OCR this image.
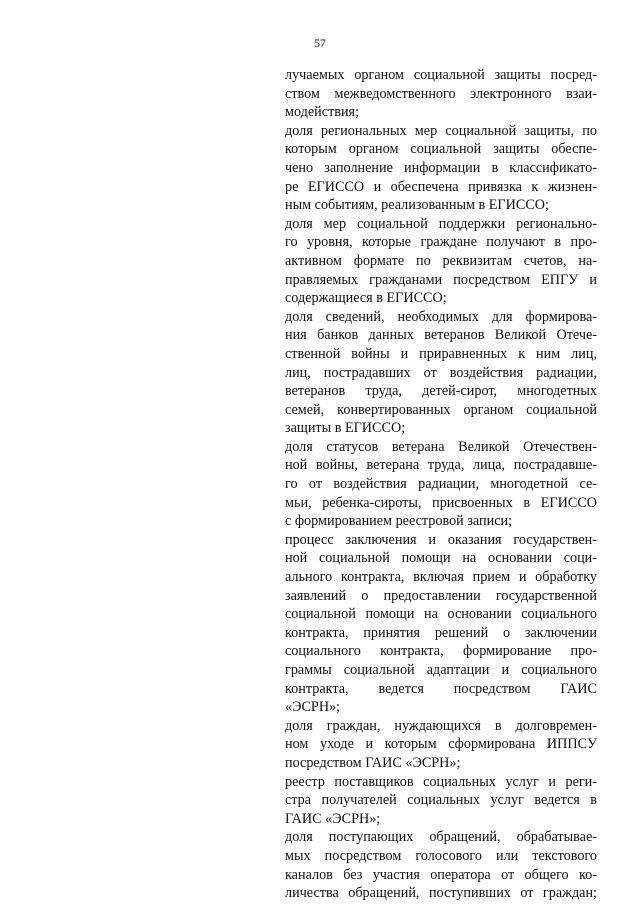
57
лучаемых органом социальной защиты посред-
ством межведомственного электронного взаи-
модействия;
доля региональных мер социальной защиты, по
которым органом социальной защиты обеспе-
чено заполнение информации в классификато-
ре ЕГИССО и обеспечена привязка к жизнен-
ным событиям, реализованным в ЕГИССО;
доля мер социальной поддержки регионально-
го уровня, которые граждане получают в про-
активном формате по реквизитам счетов, на-
правляемых гражданами посредством ЕПГУ и
содержащиеся в ЕГИССО;
доля сведений, необходимых для формирова-
ния банков данных ветеранов Великой Отече-
ственной войны и приравненных к ним лиц,
лиц, пострадавших от воздействия радиации,
ветеранов труда, детей-сирот, многодетных
семей, конвертированных органом социальной
защиты в ЕГИССО;
доля статусов ветерана Великой Отечествен-
ной войны, ветерана труда, лица, пострадавше-
го от воздействия радиации, многодетной се-
мьи, ребенка-сироты, присвоенных в ЕГИССО
с формированием реестровой записи;
процесс заключения и оказания государствен-
ной социальной помощи на основании соци-
ального контракта, включая прием и обработку
заявлений о предоставлении государственной
социальной помощи на основании социального
контракта, принятия решений о заключении
социального контракта, формирование про-
граммы социальной адаптации и социального
контракта, ведется посредством ГАИС
«ЭСРН»;
доля граждан, нуждающихся в долговремен-
ном уходе и которым сформирована ИППСУ
посредством ГАИС «ЭСРН»;
реестр поставщиков социальных услуг и реги-
стра получателей социальных услуг ведется в
ГАИС «ЭСРН»;
доля поступающих обращений, обрабатывае-
мых посредством голосового или текстового
каналов без участия оператора от общего ко-
личества обращений, поступивших от граждан;
